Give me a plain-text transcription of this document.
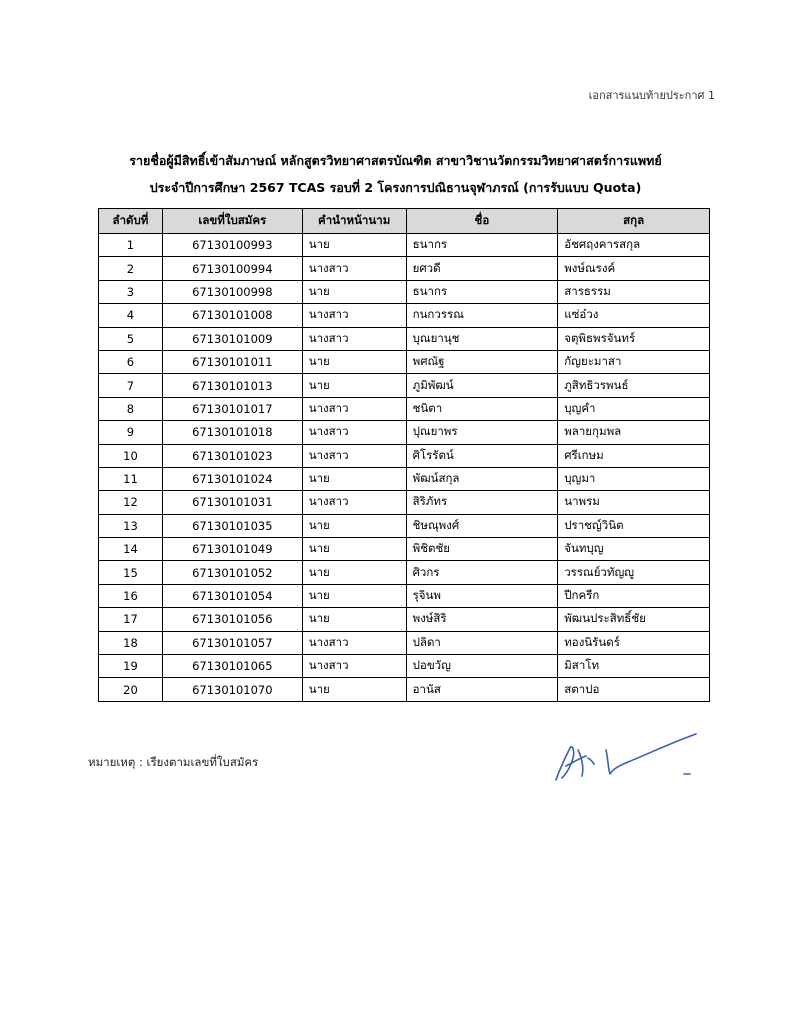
เอกสารแนบท้ายประกาศ 1
รายชื่อผู้มีสิทธิ์เข้าสัมภาษณ์ หลักสูตรวิทยาศาสตรบัณฑิต สาขาวิชานวัตกรรมวิทยาศาสตร์การแพทย์
ประจำปีการศึกษา 2567 TCAS รอบที่ 2 โครงการปณิธานจุฬาภรณ์ (การรับแบบ Quota)
ลำดับที่	เลขที่ใบสมัคร	คำนำหน้านาม	ชื่อ	สกุล
1	67130100993	นาย	ธนากร	อัชศฤงคารสกุล
2	67130100994	นางสาว	ยศวดี	พงษ์ณรงค์
3	67130100998	นาย	ธนากร	สารธรรม
4	67130101008	นางสาว	กนกวรรณ	แซ่อ๋วง
5	67130101009	นางสาว	บุณยานุช	จตุพิธพรจันทร์
6	67130101011	นาย	พศณัฐ	กัญยะมาสา
7	67130101013	นาย	ภูมิพัฒน์	ภูสิทธิวรพนธ์
8	67130101017	นางสาว	ชนิตา	บุญคำ
9	67130101018	นางสาว	ปุณยาพร	พลายกุมพล
10	67130101023	นางสาว	ศิโรรัตน์	ศรีเกษม
11	67130101024	นาย	พัฒน์สกุล	บุญมา
12	67130101031	นางสาว	สิริภัทร	นาพรม
13	67130101035	นาย	ชิษณุพงศ์	ปราชญ์วินิต
14	67130101049	นาย	พิชิตชัย	จันทบุญ
15	67130101052	นาย	ศิวกร	วรรณย์วทัญญู
16	67130101054	นาย	รุจินพ	ปีกครีก
17	67130101056	นาย	พงษ์สิริ	พัฒนประสิทธิ์ชัย
18	67130101057	นางสาว	ปลิดา	ทองนิรันดร์
19	67130101065	นางสาว	ปอขวัญ	มิสาโท
20	67130101070	นาย	อานัส	สตาปอ
หมายเหตุ : เรียงตามเลขที่ใบสมัคร
